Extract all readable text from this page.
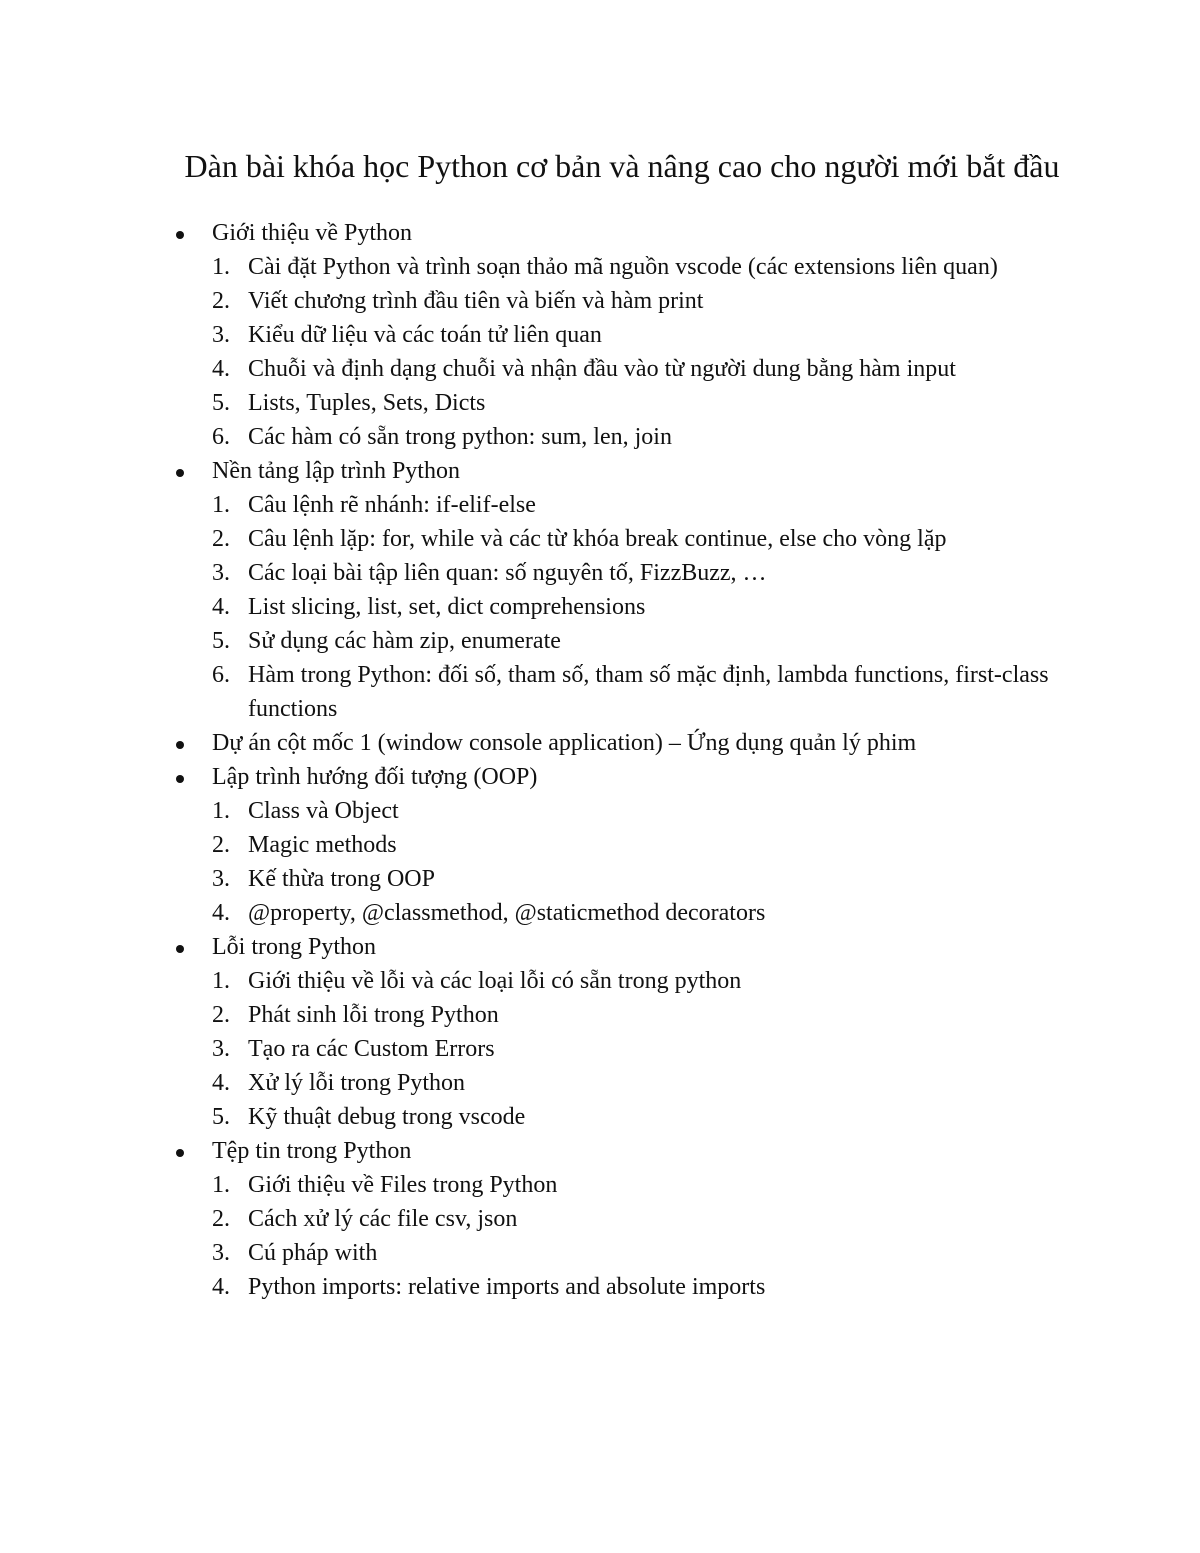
Dàn bài khóa học Python cơ bản và nâng cao cho người mới bắt đầu
Giới thiệu về Python
1. Cài đặt Python và trình soạn thảo mã nguồn vscode (các extensions liên quan)
2. Viết chương trình đầu tiên và biến và hàm print
3. Kiểu dữ liệu và các toán tử liên quan
4. Chuỗi và định dạng chuỗi và nhận đầu vào từ người dung bằng hàm input
5. Lists, Tuples, Sets, Dicts
6. Các hàm có sẵn trong python: sum, len, join
Nền tảng lập trình Python
1. Câu lệnh rẽ nhánh: if-elif-else
2. Câu lệnh lặp: for, while và các từ khóa break continue, else cho vòng lặp
3. Các loại bài tập liên quan: số nguyên tố, FizzBuzz, …
4. List slicing, list, set, dict comprehensions
5. Sử dụng các hàm zip, enumerate
6. Hàm trong Python: đối số, tham số, tham số mặc định, lambda functions, first-class functions
Dự án cột mốc 1 (window console application) – Ứng dụng quản lý phim
Lập trình hướng đối tượng (OOP)
1. Class và Object
2. Magic methods
3. Kế thừa trong OOP
4. @property, @classmethod, @staticmethod decorators
Lỗi trong Python
1. Giới thiệu về lỗi và các loại lỗi có sẵn trong python
2. Phát sinh lỗi trong Python
3. Tạo ra các Custom Errors
4. Xử lý lỗi trong Python
5. Kỹ thuật debug trong vscode
Tệp tin trong Python
1. Giới thiệu về Files trong Python
2. Cách xử lý các file csv, json
3. Cú pháp with
4. Python imports: relative imports and absolute imports
